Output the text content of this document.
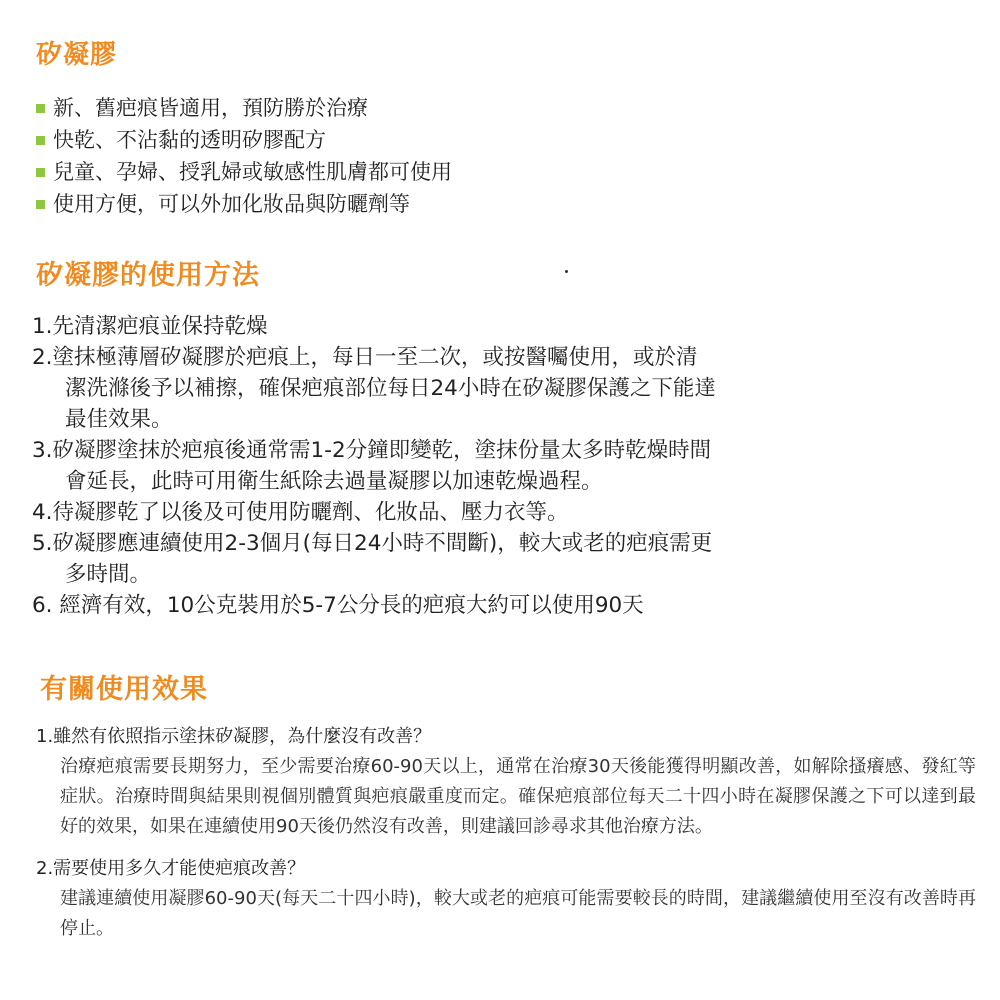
矽凝膠
新、舊疤痕皆適用，預防勝於治療
快乾、不沾黏的透明矽膠配方
兒童、孕婦、授乳婦或敏感性肌膚都可使用
使用方便，可以外加化妝品與防曬劑等
矽凝膠的使用方法
1.先清潔疤痕並保持乾燥
2.塗抹極薄層矽凝膠於疤痕上，每日一至二次，或按醫囑使用，或於清
潔洗滌後予以補擦，確保疤痕部位每日24小時在矽凝膠保護之下能達
最佳效果。
3.矽凝膠塗抹於疤痕後通常需1-2分鐘即變乾，塗抹份量太多時乾燥時間
會延長，此時可用衛生紙除去過量凝膠以加速乾燥過程。
4.待凝膠乾了以後及可使用防曬劑、化妝品、壓力衣等。
5.矽凝膠應連續使用2-3個月(每日24小時不間斷)，較大或老的疤痕需更
多時間。
6. 經濟有效，10公克裝用於5-7公分長的疤痕大約可以使用90天
有關使用效果
1.雖然有依照指示塗抹矽凝膠，為什麼沒有改善？
治療疤痕需要長期努力，至少需要治療60-90天以上，通常在治療30天後能獲得明顯改善，如解除搔癢感、發紅等症狀。治療時間與結果則視個別體質與疤痕嚴重度而定。確保疤痕部位每天二十四小時在凝膠保護之下可以達到最好的效果，如果在連續使用90天後仍然沒有改善，則建議回診尋求其他治療方法。
2.需要使用多久才能使疤痕改善？
建議連續使用凝膠60-90天(每天二十四小時)，較大或老的疤痕可能需要較長的時間，建議繼續使用至沒有改善時再停止。
